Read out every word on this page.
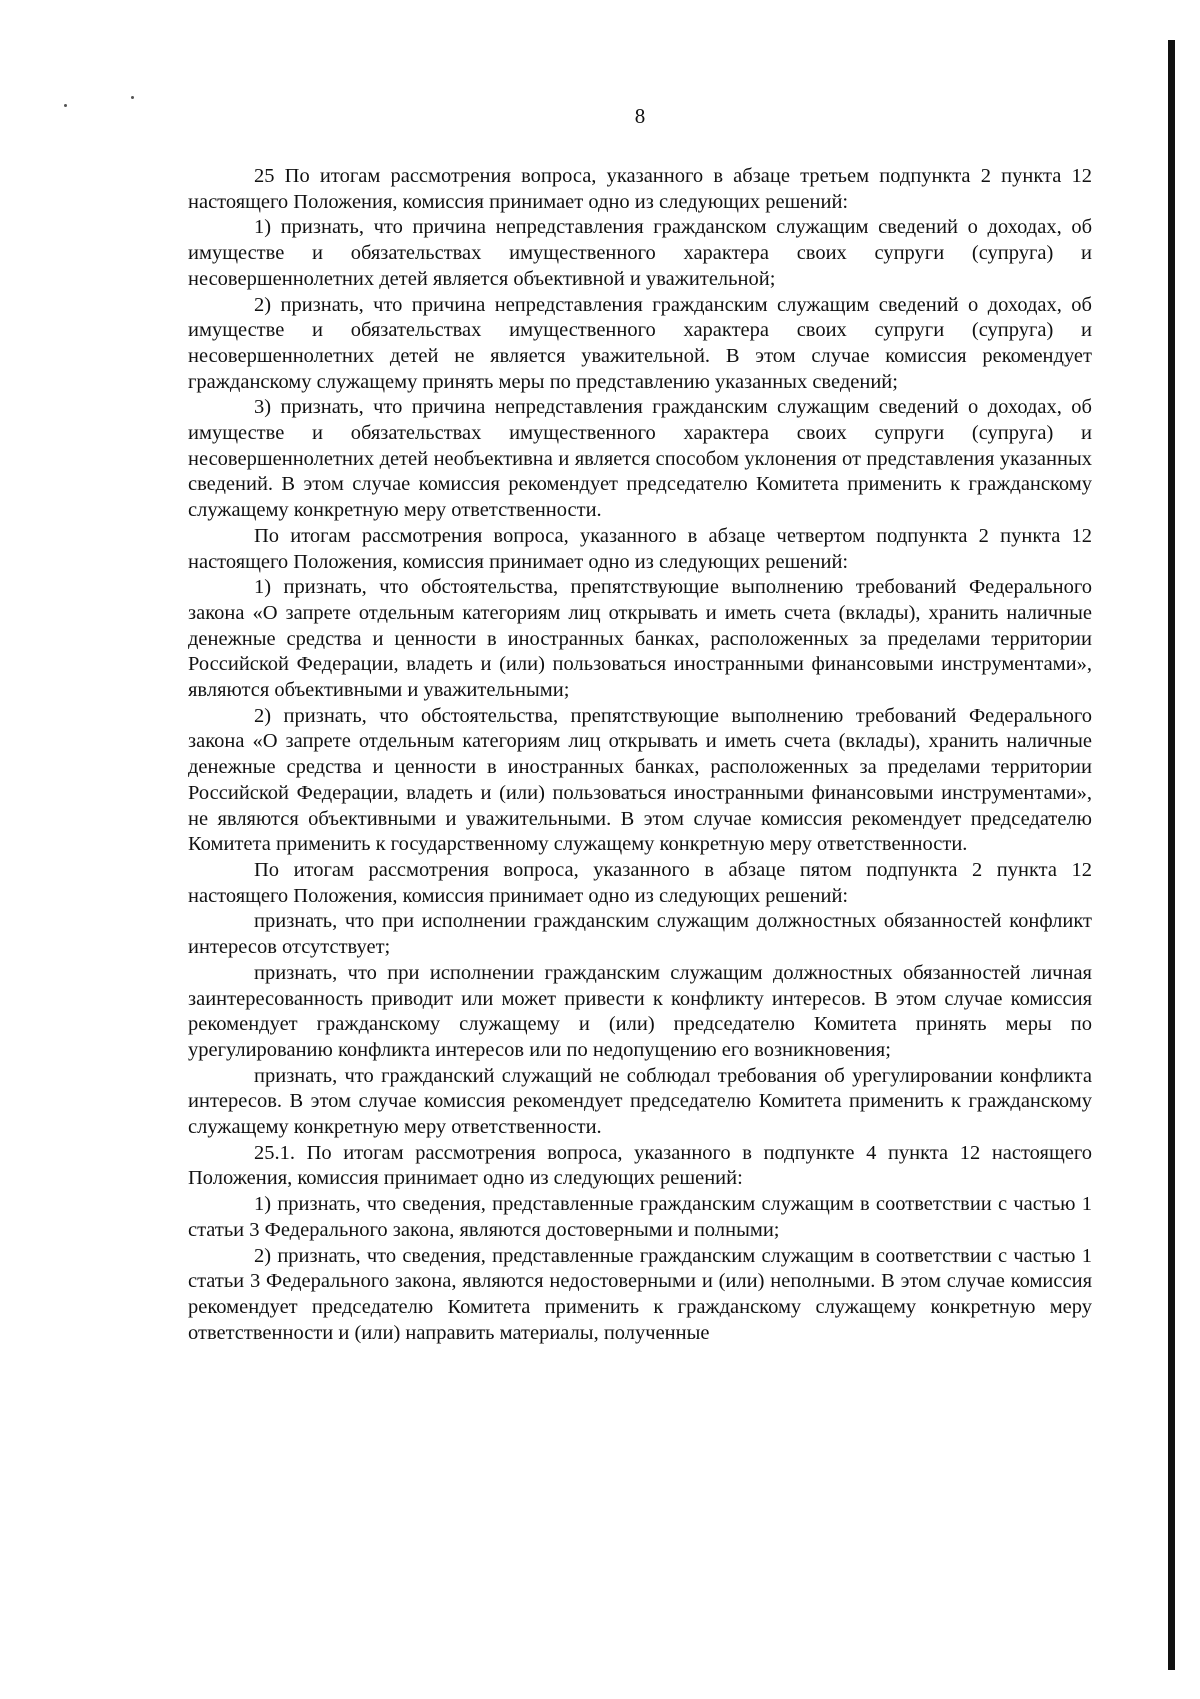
8

25 По итогам рассмотрения вопроса, указанного в абзаце третьем подпункта 2 пункта 12 настоящего Положения, комиссия принимает одно из следующих решений:

1) признать, что причина непредставления гражданском служащим сведений о доходах, об имуществе и обязательствах имущественного характера своих супруги (супруга) и несовершеннолетних детей является объективной и уважительной;

2) признать, что причина непредставления гражданским служащим сведений о доходах, об имуществе и обязательствах имущественного характера своих супруги (супруга) и несовершеннолетних детей не является уважительной. В этом случае комиссия рекомендует гражданскому служащему принять меры по представлению указанных сведений;

3) признать, что причина непредставления гражданским служащим сведений о доходах, об имуществе и обязательствах имущественного характера своих супруги (супруга) и несовершеннолетних детей необъективна и является способом уклонения от представления указанных сведений. В этом случае комиссия рекомендует председателю Комитета применить к гражданскому служащему конкретную меру ответственности.

По итогам рассмотрения вопроса, указанного в абзаце четвертом подпункта 2 пункта 12 настоящего Положения, комиссия принимает одно из следующих решений:

1) признать, что обстоятельства, препятствующие выполнению требований Федерального закона «О запрете отдельным категориям лиц открывать и иметь счета (вклады), хранить наличные денежные средства и ценности в иностранных банках, расположенных за пределами территории Российской Федерации, владеть и (или) пользоваться иностранными финансовыми инструментами», являются объективными и уважительными;

2) признать, что обстоятельства, препятствующие выполнению требований Федерального закона «О запрете отдельным категориям лиц открывать и иметь счета (вклады), хранить наличные денежные средства и ценности в иностранных банках, расположенных за пределами территории Российской Федерации, владеть и (или) пользоваться иностранными финансовыми инструментами», не являются объективными и уважительными. В этом случае комиссия рекомендует председателю Комитета применить к государственному служащему конкретную меру ответственности.

По итогам рассмотрения вопроса, указанного в абзаце пятом подпункта 2 пункта 12 настоящего Положения, комиссия принимает одно из следующих решений:

признать, что при исполнении гражданским служащим должностных обязанностей конфликт интересов отсутствует;

признать, что при исполнении гражданским служащим должностных обязанностей личная заинтересованность приводит или может привести к конфликту интересов. В этом случае комиссия рекомендует гражданскому служащему и (или) председателю Комитета принять меры по урегулированию конфликта интересов или по недопущению его возникновения;

признать, что гражданский служащий не соблюдал требования об урегулировании конфликта интересов. В этом случае комиссия рекомендует председателю Комитета применить к гражданскому служащему конкретную меру ответственности.

25.1. По итогам рассмотрения вопроса, указанного в подпункте 4 пункта 12 настоящего Положения, комиссия принимает одно из следующих решений:

1) признать, что сведения, представленные гражданским служащим в соответствии с частью 1 статьи 3 Федерального закона, являются достоверными и полными;

2) признать, что сведения, представленные гражданским служащим в соответствии с частью 1 статьи 3 Федерального закона, являются недостоверными и (или) неполными. В этом случае комиссия рекомендует председателю Комитета применить к гражданскому служащему конкретную меру ответственности и (или) направить материалы, полученные
